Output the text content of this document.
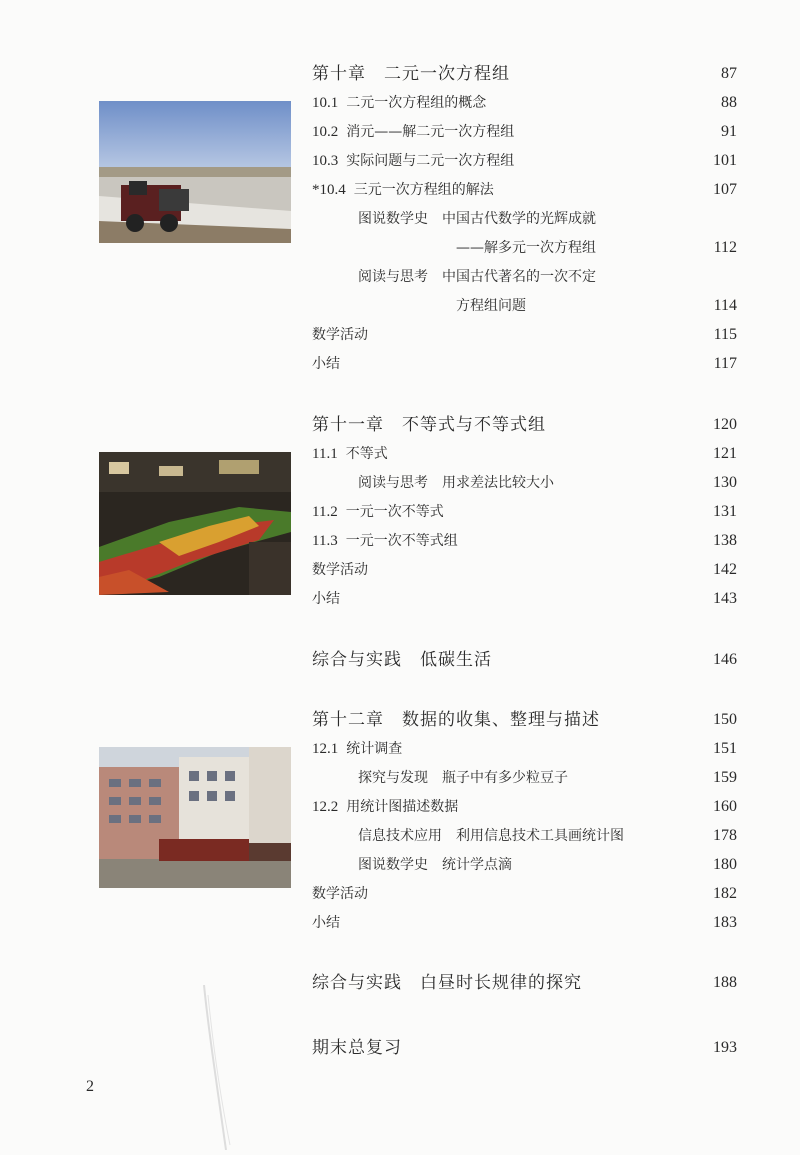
第十章　二元一次方程组	87
10.1 二元一次方程组的概念	88
10.2 消元——解二元一次方程组	91
10.3 实际问题与二元一次方程组	101
*10.4 三元一次方程组的解法	107
图说数学史　中国古代数学的光辉成就
——解多元一次方程组	112
阅读与思考　中国古代著名的一次不定
方程组问题	114
数学活动	115
小结	117
第十一章　不等式与不等式组	120
11.1 不等式	121
阅读与思考　用求差法比较大小	130
11.2 一元一次不等式	131
11.3 一元一次不等式组	138
数学活动	142
小结	143
综合与实践　低碳生活	146
第十二章　数据的收集、整理与描述	150
12.1 统计调查	151
探究与发现　瓶子中有多少粒豆子	159
12.2 用统计图描述数据	160
信息技术应用　利用信息技术工具画统计图	178
图说数学史　统计学点滴	180
数学活动	182
小结	183
综合与实践　白昼时长规律的探究	188
期末总复习	193
2
